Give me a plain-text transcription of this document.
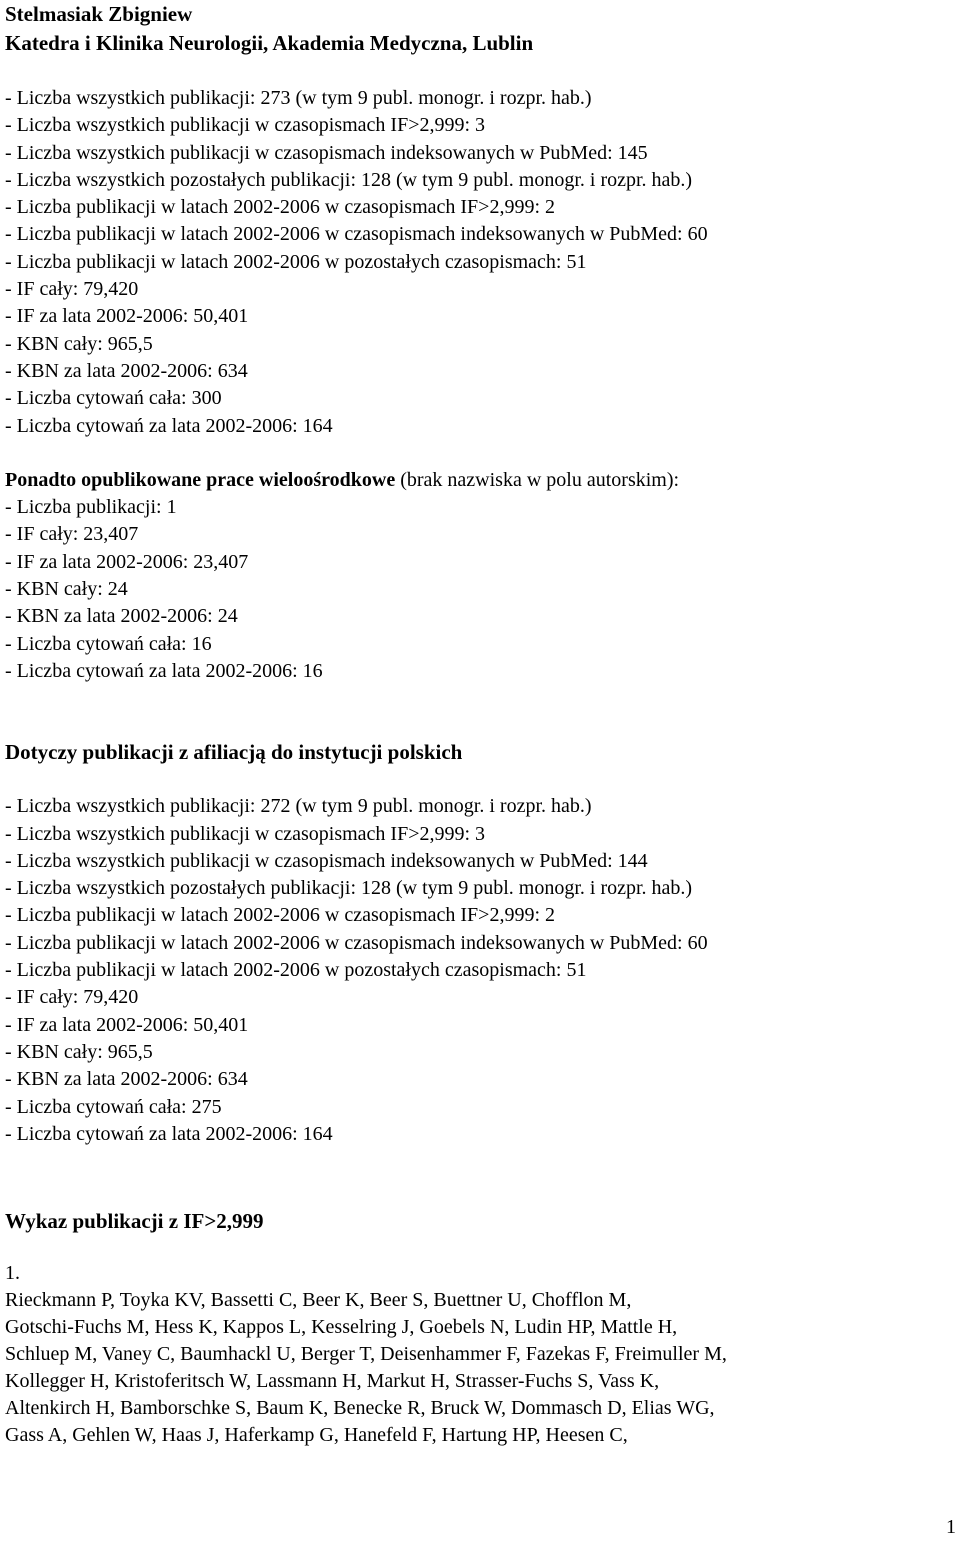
Stelmasiak Zbigniew
Katedra i Klinika Neurologii, Akademia Medyczna, Lublin
- Liczba wszystkich publikacji: 273 (w tym 9 publ. monogr. i rozpr. hab.)
- Liczba wszystkich publikacji w czasopismach IF>2,999: 3
- Liczba wszystkich publikacji w czasopismach indeksowanych w PubMed: 145
- Liczba wszystkich pozostałych publikacji: 128 (w tym 9 publ. monogr. i rozpr. hab.)
- Liczba publikacji w latach 2002-2006 w czasopismach IF>2,999: 2
- Liczba publikacji w latach 2002-2006 w czasopismach indeksowanych w PubMed: 60
- Liczba publikacji w latach 2002-2006 w pozostałych czasopismach: 51
- IF cały: 79,420
- IF za lata 2002-2006: 50,401
- KBN cały: 965,5
- KBN za lata 2002-2006: 634
- Liczba cytowań cała: 300
- Liczba cytowań za lata 2002-2006: 164
Ponadto opublikowane prace wieloośrodkowe (brak nazwiska w polu autorskim):
- Liczba publikacji: 1
- IF cały: 23,407
- IF za lata 2002-2006: 23,407
- KBN cały: 24
- KBN za lata 2002-2006: 24
- Liczba cytowań cała: 16
- Liczba cytowań za lata 2002-2006: 16
Dotyczy publikacji z afiliacją do instytucji polskich
- Liczba wszystkich publikacji: 272 (w tym 9 publ. monogr. i rozpr. hab.)
- Liczba wszystkich publikacji w czasopismach IF>2,999: 3
- Liczba wszystkich publikacji w czasopismach indeksowanych w PubMed: 144
- Liczba wszystkich pozostałych publikacji: 128 (w tym 9 publ. monogr. i rozpr. hab.)
- Liczba publikacji w latach 2002-2006 w czasopismach IF>2,999: 2
- Liczba publikacji w latach 2002-2006 w czasopismach indeksowanych w PubMed: 60
- Liczba publikacji w latach 2002-2006 w pozostałych czasopismach: 51
- IF cały: 79,420
- IF za lata 2002-2006: 50,401
- KBN cały: 965,5
- KBN za lata 2002-2006: 634
- Liczba cytowań cała: 275
- Liczba cytowań za lata 2002-2006: 164
Wykaz publikacji z IF>2,999
1.
Rieckmann P, Toyka KV, Bassetti C, Beer K, Beer S, Buettner U, Chofflon M,
Gotschi-Fuchs M, Hess K, Kappos L, Kesselring J, Goebels N, Ludin HP, Mattle H,
Schluep M, Vaney C, Baumhackl U, Berger T, Deisenhammer F, Fazekas F, Freimuller M,
Kollegger H, Kristoferitsch W, Lassmann H, Markut H, Strasser-Fuchs S, Vass K,
Altenkirch H, Bamborschke S, Baum K, Benecke R, Bruck W, Dommasch D, Elias WG,
Gass A, Gehlen W, Haas J, Haferkamp G, Hanefeld F, Hartung HP, Heesen C,
1
